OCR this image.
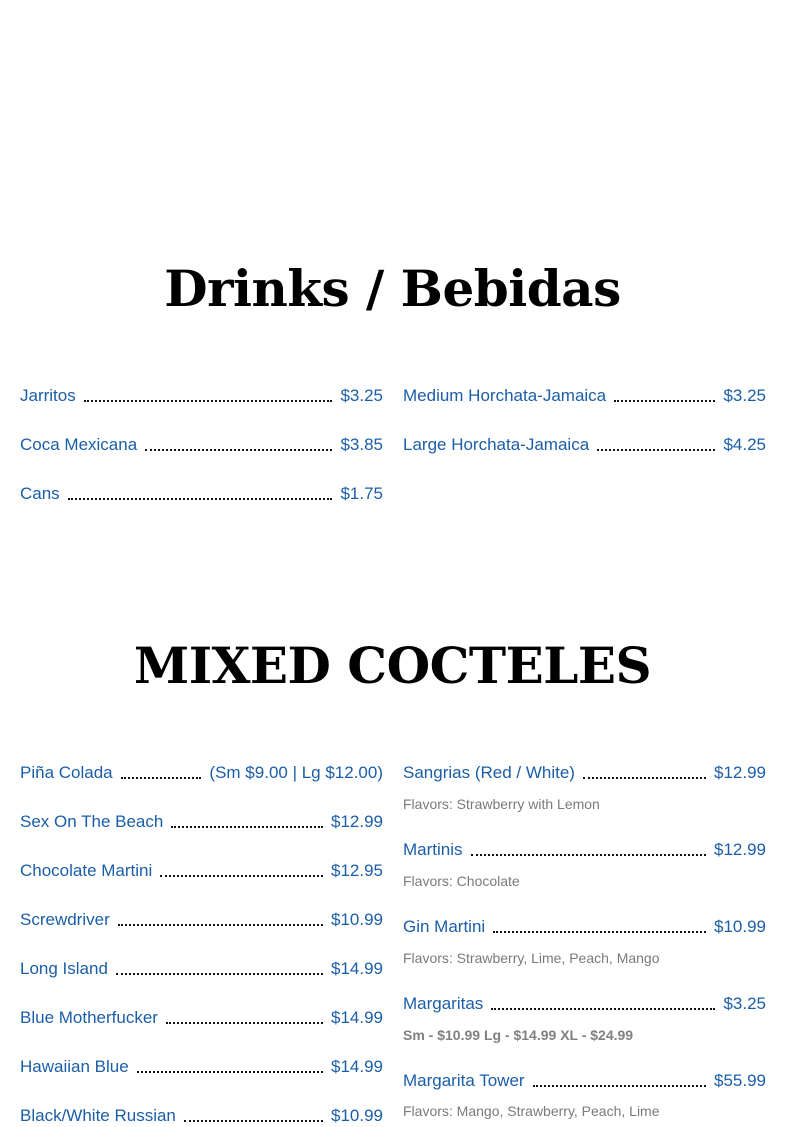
Drinks / Bebidas
Jarritos	$3.25
Coca Mexicana	$3.85
Cans	$1.75
Medium Horchata-Jamaica	$3.25
Large Horchata-Jamaica	$4.25
MIXED COCTELES
Piña Colada	(Sm $9.00 | Lg $12.00)
Sex On The Beach	$12.99
Chocolate Martini	$12.95
Screwdriver	$10.99
Long Island	$14.99
Blue Motherfucker	$14.99
Hawaiian Blue	$14.99
Black/White Russian	$10.99
Sangrias (Red / White)	$12.99
Flavors: Strawberry with Lemon
Martinis	$12.99
Flavors: Chocolate
Gin Martini	$10.99
Flavors: Strawberry, Lime, Peach, Mango
Margaritas	$3.25
Sm - $10.99 Lg - $14.99 XL - $24.99
Margarita Tower	$55.99
Flavors: Mango, Strawberry, Peach, Lime
